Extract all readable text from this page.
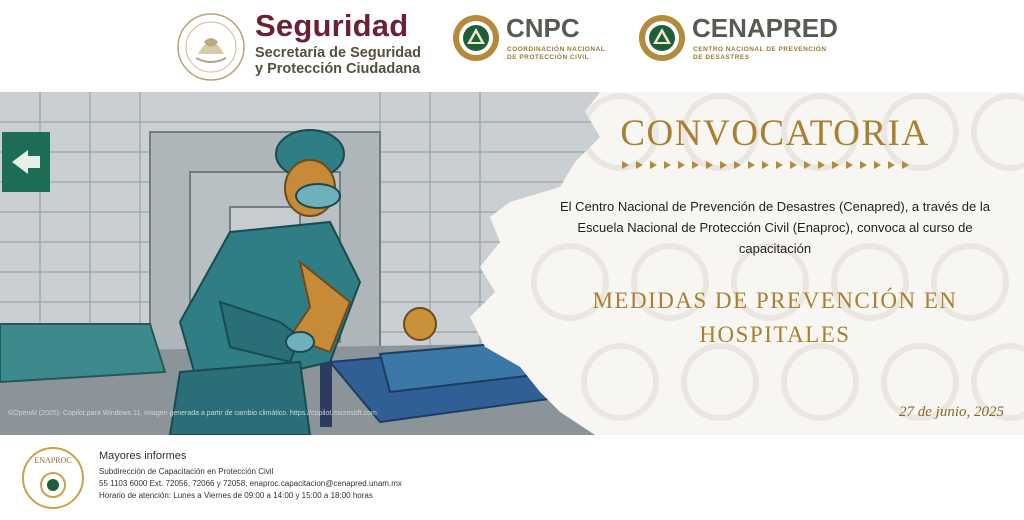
Seguridad
Secretaría de Seguridad
y Protección Ciudadana
CNPC
COORDINACIÓN NACIONAL
DE PROTECCIÓN CIVIL
CENAPRED
CENTRO NACIONAL DE PREVENCIÓN
DE DESASTRES
©OpenAI (2025). Copilot para Windows 11. Imagen generada a partir de cambio climático. https://copilot.microsoft.com
CONVOCATORIA
El Centro Nacional de Prevención de Desastres (Cenapred), a través de la Escuela Nacional de Protección Civil (Enaproc), convoca al curso de capacitación
MEDIDAS DE PREVENCIÓN EN HOSPITALES
27 de junio, 2025
ENAPROC Mayores informes
Subdirección de Capacitación en Protección Civil
55 1103 6000 Ext. 72056, 72066 y 72058, enaproc.capacitacion@cenapred.unam.mx
Horario de atención: Lunes a Viernes de 09:00 a 14:00 y 15:00 a 18:00 horas
